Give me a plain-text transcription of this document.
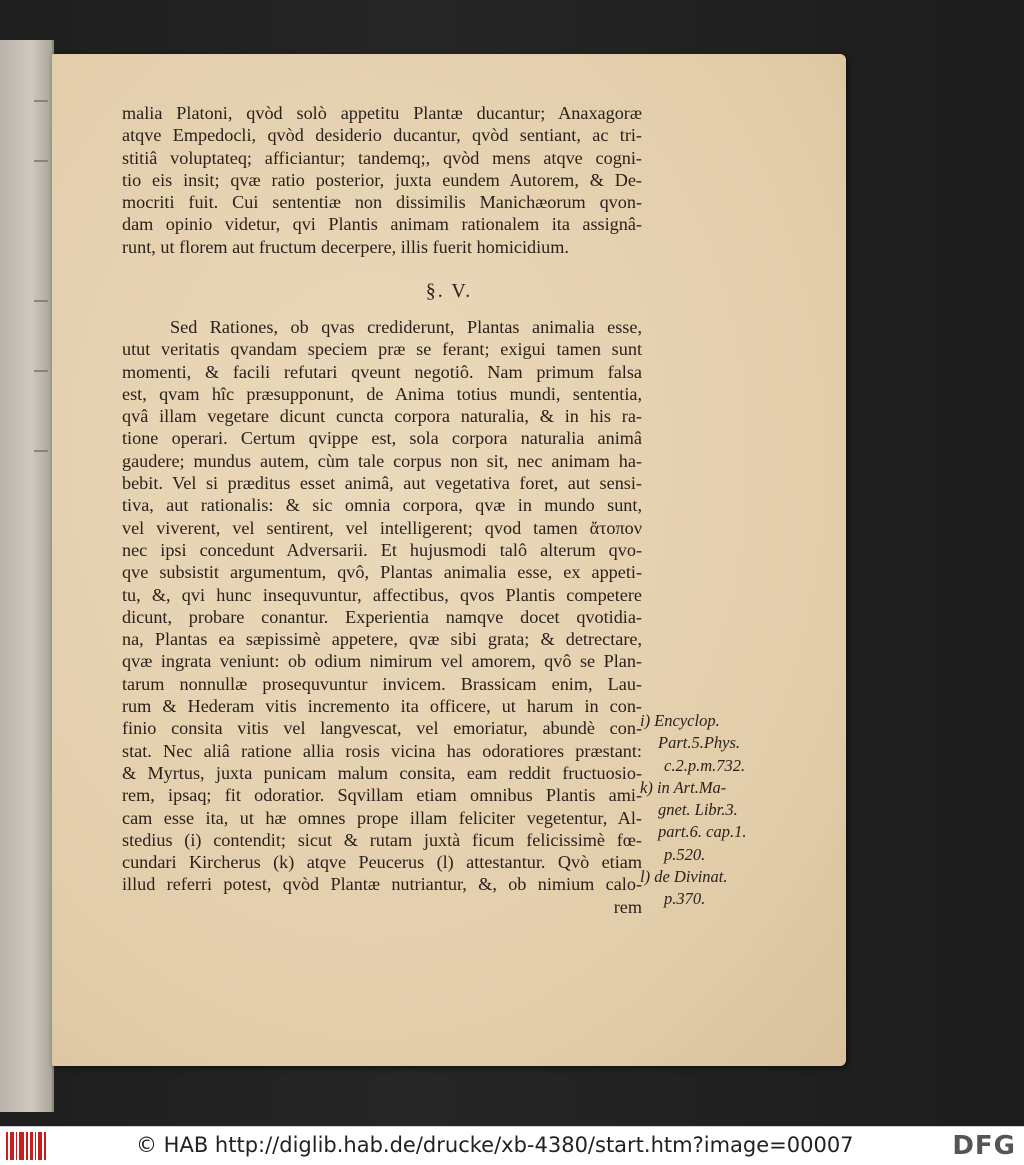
malia Platoni, qvòd solò appetitu Plantæ ducantur; Anaxagoræ
atqve Empedocli, qvòd desiderio ducantur, qvòd sentiant, ac tri-
stitiâ voluptateq; afficiantur; tandemq;, qvòd mens atqve cogni-
tio eis insit; qvæ ratio posterior, juxta eundem Autorem, & De-
mocriti fuit. Cui sententiæ non dissimilis Manichæorum qvon-
dam opinio videtur, qvi Plantis animam rationalem ita assignâ-
runt, ut florem aut fructum decerpere, illis fuerit homicidium.
§. V.
Sed Rationes, ob qvas crediderunt, Plantas animalia esse,
utut veritatis qvandam speciem præ se ferant; exigui tamen sunt
momenti, & facili refutari qveunt negotiô. Nam primum falsa
est, qvam hîc præsupponunt, de Anima totius mundi, sententia,
qvâ illam vegetare dicunt cuncta corpora naturalia, & in his ra-
tione operari. Certum qvippe est, sola corpora naturalia animâ
gaudere; mundus autem, cùm tale corpus non sit, nec animam ha-
bebit. Vel si præditus esset animâ, aut vegetativa foret, aut sensi-
tiva, aut rationalis: & sic omnia corpora, qvæ in mundo sunt,
vel viverent, vel sentirent, vel intelligerent; qvod tamen ἄτοπον
nec ipsi concedunt Adversarii. Et hujusmodi talô alterum qvo-
qve subsistit argumentum, qvô, Plantas animalia esse, ex appeti-
tu, &, qvi hunc insequvuntur, affectibus, qvos Plantis competere
dicunt, probare conantur. Experientia namqve docet qvotidia-
na, Plantas ea sæpissimè appetere, qvæ sibi grata; & detrectare,
qvæ ingrata veniunt: ob odium nimirum vel amorem, qvô se Plan-
tarum nonnullæ prosequvuntur invicem. Brassicam enim, Lau-
rum & Hederam vitis incremento ita officere, ut harum in con-
finio consita vitis vel langvescat, vel emoriatur, abundè con-
stat. Nec aliâ ratione allia rosis vicina has odoratiores præstant:
& Myrtus, juxta punicam malum consita, eam reddit fructuosio-
rem, ipsaq; fit odoratior. Sqvillam etiam omnibus Plantis ami-
cam esse ita, ut hæ omnes prope illam feliciter vegetentur, Al-
stedius (i) contendit; sicut & rutam juxtà ficum felicissimè fœ-
cundari Kircherus (k) atqve Peucerus (l) attestantur. Qvò etiam
illud referri potest, qvòd Plantæ nutriantur, &, ob nimium calo-
rem
i) Encyclop.
Part.5.Phys.
c.2.p.m.732.
k) in Art.Ma-
gnet. Libr.3.
part.6. cap.1.
p.520.
l) de Divinat.
p.370.
© HAB http://diglib.hab.de/drucke/xb-4380/start.htm?image=00007	DFG
